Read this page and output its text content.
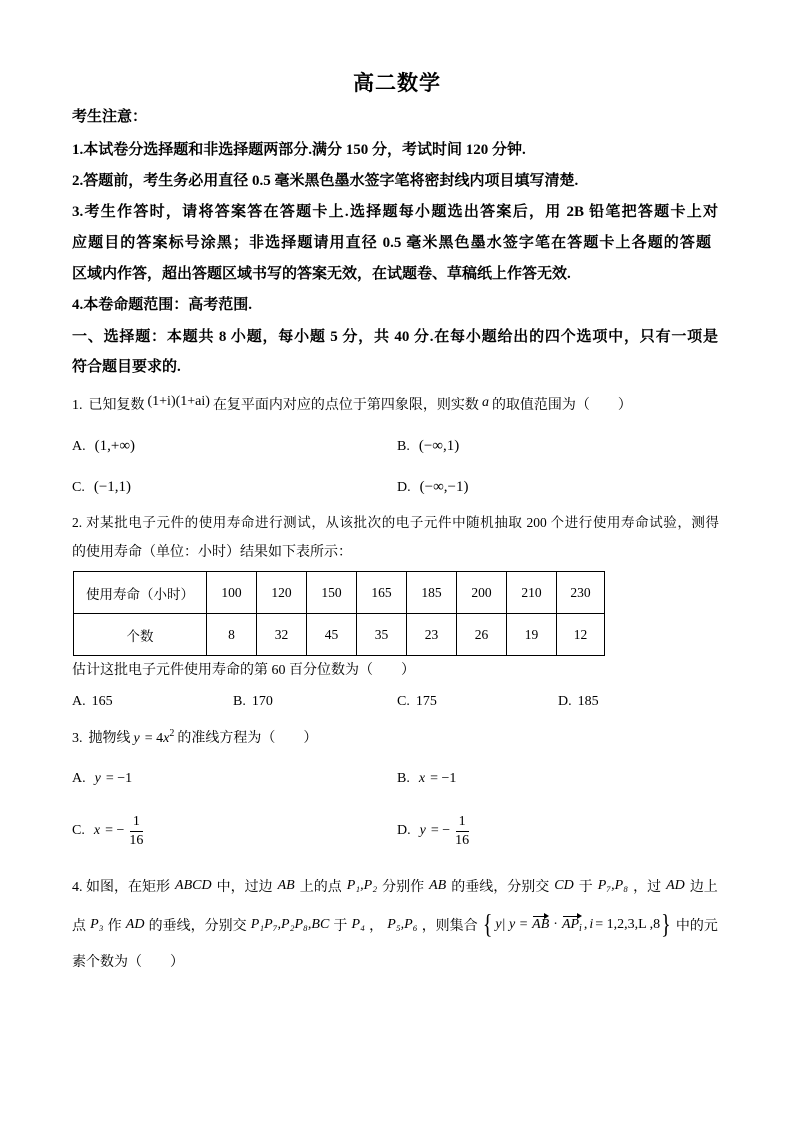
高二数学
考生注意：
1.本试卷分选择题和非选择题两部分.满分 150 分，考试时间 120 分钟.
2.答题前，考生务必用直径 0.5 毫米黑色墨水签字笔将密封线内项目填写清楚.
3.考生作答时，请将答案答在答题卡上.选择题每小题选出答案后，用 2B 铅笔把答题卡上对
应题目的答案标号涂黑；非选择题请用直径 0.5 毫米黑色墨水签字笔在答题卡上各题的答题
区域内作答，超出答题区域书写的答案无效，在试题卷、草稿纸上作答无效.
4.本卷命题范围：高考范围.
一、选择题：本题共 8 小题，每小题 5 分，共 40 分.在每小题给出的四个选项中，只有一项是
符合题目要求的.
1. 已知复数 (1+i)(1+ai) 在复平面内对应的点位于第四象限，则实数 a 的取值范围为（　　）
A. (1,+∞)	B. (−∞,1)
C. (−1,1)	D. (−∞,−1)
2. 对某批电子元件的使用寿命进行测试，从该批次的电子元件中随机抽取 200 个进行使用寿命试验，测得
的使用寿命（单位：小时）结果如下表所示：
使用寿命（小时）	100	120	150	165	185	200	210	230
个数	8	32	45	35	23	26	19	12
估计这批电子元件使用寿命的第 60 百分位数为（　　）
A. 165	B. 170	C. 175	D. 185
3. 抛物线 $y = 4x^2$ 的准线方程为（　　）
A. y = −1	B. x = −1
C. x = − $\frac{1}{16}$	D. y = − $\frac{1}{16}$
4. 如图，在矩形 ABCD 中，过边 AB 上的点 P₁,P₂ 分别作 AB 的垂线，分别交 CD 于 P₇,P₈ ，过 AD 边上
点 P₃ 作 AD 的垂线，分别交 P₁P₇,P₂P₈,BC 于 P₄ ， P₅,P₆ ，则集合 { y| y = AB · $AP_i$ , i = 1,2,3,L ,8 } 中的元
素个数为（　　）
